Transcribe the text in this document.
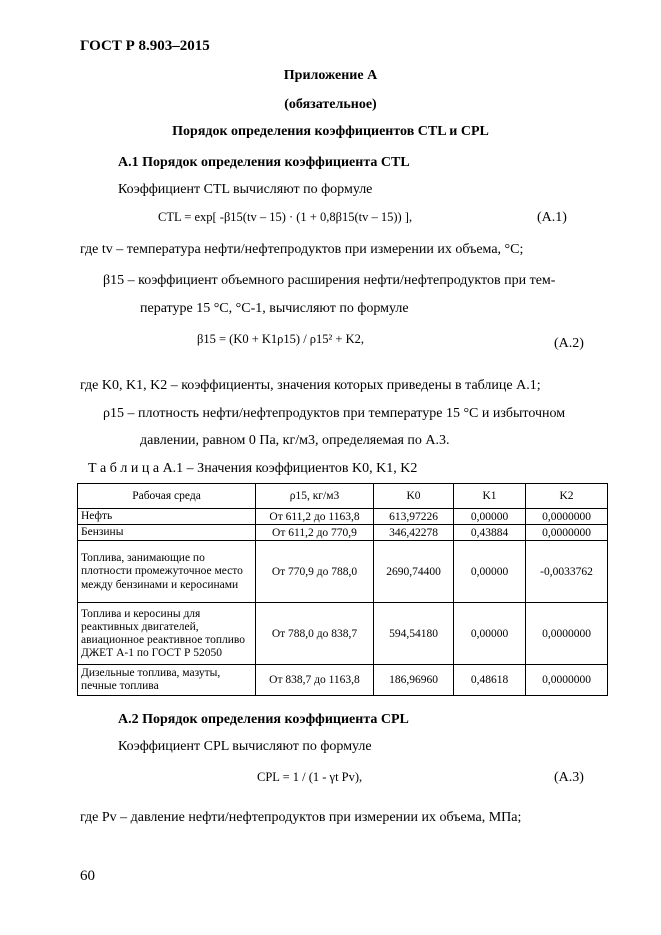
ГОСТ Р 8.903–2015
Приложение А
(обязательное)
Порядок определения коэффициентов CTL и CPL
А.1 Порядок определения коэффициента CTL
Коэффициент CTL вычисляют по формуле
CTL = exp[ -β15(tv – 15) · (1 + 0,8β15(tv – 15)) ],	(А.1)
где tv – температура нефти/нефтепродуктов при измерении их объема, °С;
β15 – коэффициент объемного расширения нефти/нефтепродуктов при тем-
пературе 15 °С, °С-1, вычисляют по формуле
β15 = (K0 + K1ρ15) / ρ15² + K2,	(А.2)
где K0, K1, K2 – коэффициенты, значения которых приведены в таблице А.1;
ρ15 – плотность нефти/нефтепродуктов при температуре 15 °С и избыточном
давлении, равном 0 Па, кг/м3, определяемая по А.3.
Т а б л и ц а А.1 – Значения коэффициентов K0, K1, K2
Рабочая среда	ρ15, кг/м3	K0	K1	K2
Нефть	От 611,2 до 1163,8	613,97226	0,00000	0,0000000
Бензины	От 611,2 до 770,9	346,42278	0,43884	0,0000000
Топлива, занимающие по плотности промежуточное место между бензинами и керосинами	От 770,9 до 788,0	2690,74400	0,00000	-0,0033762
Топлива и керосины для реактивных двигателей, авиационное реактивное топливо ДЖЕТ А-1 по ГОСТ Р 52050	От 788,0 до 838,7	594,54180	0,00000	0,0000000
Дизельные топлива, мазуты, печные топлива	От 838,7 до 1163,8	186,96960	0,48618	0,0000000
А.2 Порядок определения коэффициента CPL
Коэффициент CPL вычисляют по формуле
CPL = 1 / (1 - γt Pv),	(А.3)
где Pv – давление нефти/нефтепродуктов при измерении их объема, МПа;
60
